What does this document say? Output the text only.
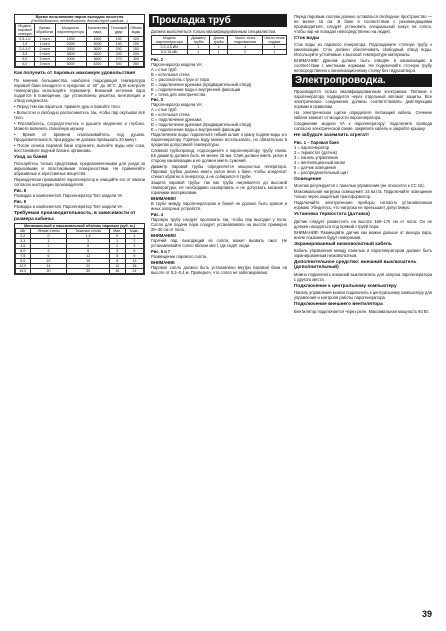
Время пользования паром выходом носителя
(Необходимость необходимость долива перед каждым…)
Модель паровой станции	Время обработки	Мощность парогенератора	Количество пара	Тепловой удар	Объем воды
0,5-1,0	1 погл	1000	1500	100	100
1,5	1 погл	2000	2000	140	150
2,0-3,0	2 погл	3000	3000	200	150
3,5	2 погл	3500	3200	240	200
5,0	3 погл	4000	3600	270	300
6,0	3 погл	5000	4200	300	350
Как получить от паровых максимум удовольствия

По мнению большинства, наиболее подходящая температура паровой бани находится в пределах от 40° до 45°С. Для контроля температуры используйте термометр. Внешний источник пара подаётся в помещение, где установлены решётки, вентиляция и отвод конденсата.

• Перед тем как париться, примите душ и помойте тело.

• Вольготно и свободно расположитесь так, чтобы пар окутывал всё тело.

• Расслабьтесь, сосредоточьтесь и дышите медленно и глубоко. Можете включить спокойную музыку.

• Время от времени ополаскивайтесь под душем. Продолжительность процедуры не должна превышать 20 минут.

• После сеанса паровой бани отдохните, выпейте воды или сока, восстановите водный баланс организма.

Уход за баней

Пользуйтесь только средствами, предназначенными для ухода за акриловыми и пластиковыми поверхностями. Не применяйте абразивные и агрессивные вещества.

Периодически промывайте парогенератор и очищайте его от накипи согласно инструкции производителя.

Рис. 8

Разводка и компонентов: Парогенератор Тип: модели VA

Рис. 9

Разводка и компонентов: Парогенератор Тип: модели VA

Требуемая производительность, в зависимости от размера кабины:
Минимальный и максимальный объёмы паровых (куб. м.)
кВт	Легкие стены	Тяжелые стены	Мин.	Макс.
2,2	0	1,5	0	1
3,3	1	3	1	2
4,5	2	5	2	4
6,0	3	8	3	6
7,5	6	12	5	9
9,0	10	16	8	13
12,0	14	22	12	18
15,0	20	30	16	24
Прокладка труб

Должна выполняться только квалифицированным специалистом.

Модель парогенератора	Диаметр трубы	Длина трубы	Число точек подключения	Число точек подачи
2,2-4,5 кВт	1	1	1	1
6,0-15 кВт	1	1	2	1
Рис. 2
Парогенератор модели VA:
A = стык труб
B = котельная стена
C = рассекатель струи от пара
D = подключение дренажа (предварительный отвод)
E = подключение воды к внутренней фиксации
F = точка для электричества
Рис. 3
Парогенератор модели VA:
A = стык труб
B = котельная стена
C = подключение дренажа
D = подключение дренажа (предварительный отвод)
E = подключение воды к внутренней фиксации

Подключение воды: подключите гибкий шланг к крану подачи воды и к парогенератору. Горячую воду можно использовать, но обязательно в пределах допустимой температуры.

Сливной трубопровод: подсоедините к парогенератору трубу слива. Её диаметр должен быть не менее 15 мм. Слив должен иметь уклон в сторону канализации и не должен иметь сужений.

Диаметр паровой трубы определяется мощностью генератора. Паровая трубка должна иметь уклон вниз к бане, чтобы конденсат стекал обратно в генератор, а не собирался в трубе.

Защита паровой трубы: так как труба нагревается до высокой температуры, её необходимо изолировать и не допускать касания с горючими материалами.

ВНИМАНИЕ!

В трубе между парогенератором и баней не должно быть кранов и иных запорных устройств.

Рис. 4

Паровую трубу следует проложить так, чтобы пар выходил у пола. Сопло для подачи пара следует устанавливать на высоте примерно 20–30 см от пола.

ВНИМАНИЕ!

Горячий пар, выходящий из сопла, может вызвать ожог. Не устанавливайте сопло вблизи мест, где сидят люди.

Рис. 5 и 7

Размещение парового сопла.

ВНИМАНИЕ

Паровое сопло должно быть установлено внутри паровой бани на высоте от 0,2–0,4 м. Проверьте, что сопло не заблокировано.

Перед паровым соплом должно оставаться свободное пространство — не менее 15 см. В бане в соответствии с рекомендациями производителя, следует установить специальный кожух на сопло, чтобы пар не попадал непосредственно на людей.

Сток воды

Сток воды из парового генератора. Подсоедините сточную трубу к канализации. Сток должен обеспечивать свободный отвод воды. Используйте устойчивые к высокой температуре материалы.

ВНИМАНИЕ! Дренаж должен быть отведён в канализацию в соответствии с местными нормами. Не подключайте сточную трубу непосредственно к канализационному стояку без гидрозатвора.

Электропроводка.

Производится только квалифицированным электриком. Питание к парогенератору подводится через отдельный автомат защиты. Все электрические соединения должны соответствовать действующим нормам и правилам.

На электрическом щитке определите питающий кабель. Сечение кабеля зависит от мощности парогенератора.

Соединение модели VA к парогенератору: подключите провода согласно электрической схеме, закрепите кабель и закройте крышку.

Не забудьте заземлить агрегат!
Рис. 1 – Паровая баня
1 = парогенератор
2 = термостат (датчик)
3 = панель управления
4 = вентиляционный канал
5 = датчик освещения
6 = распределительный щит
Освещение

Монтаж регулируется с панелью управления (не относится к CC 15).

Максимальная нагрузка освещения: 24 ватта. Подключайте освещение только через защитный трансформатор.

Подключайте электрические приборы согласно установленным нормам. Убедитесь, что нагрузка не превышает допустимую.

Установка термостата (датчика)

Датчик следует разместить на высоте 160–170 см от пола. Он не должен находиться под прямой струёй пара.

ВНИМАНИЕ! Размещайте датчик как можно дальше от выхода пара, иначе показания будут неверными.

Экранированный низковольтный кабель

Кабель управления между панелью и парогенератором должен быть экранированным низковольтным.

Дополнительное средство: внешний выключатель (дополнительный)

Можно подключить внешний выключатель для запуска парогенератора с другого места.

Подключение к центральному компьютеру

Панель управления можно подключить к центральному компьютеру для управления и контроля работы парогенератора.

Подключение внешнего вентилятора

Вентилятор подключается через реле. Максимальная мощность 60 Вт.

39
